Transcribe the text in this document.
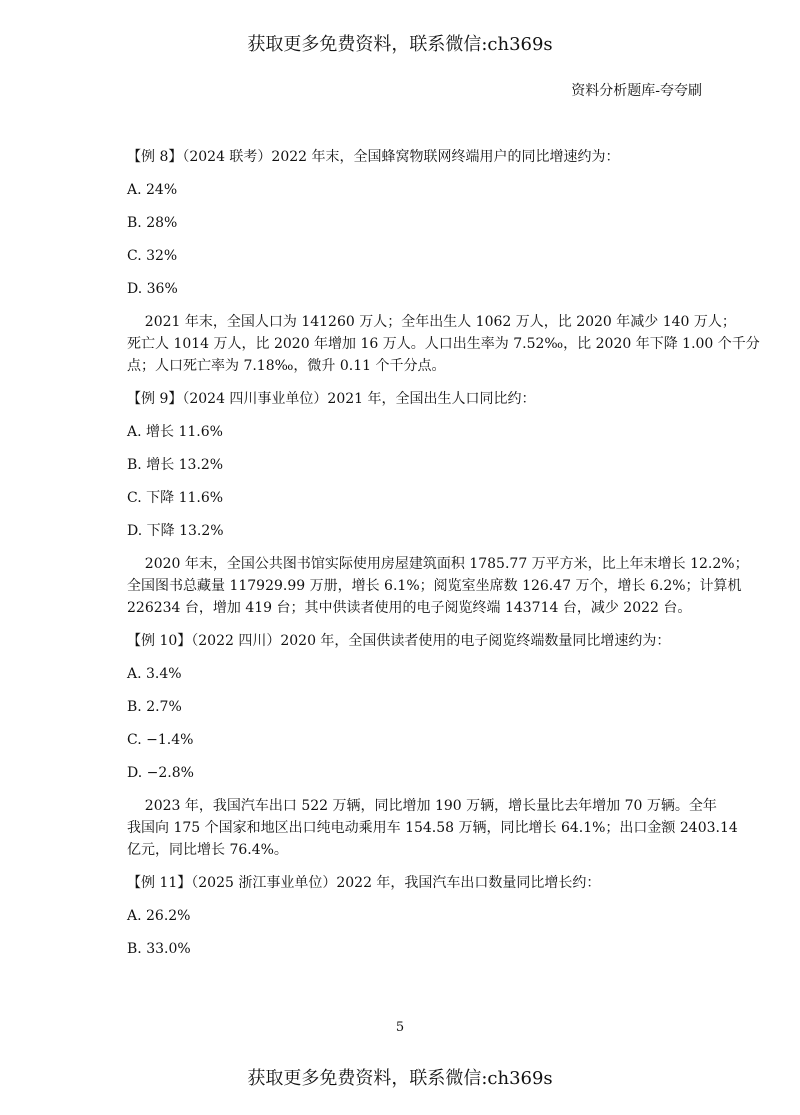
获取更多免费资料，联系微信:ch369s
资料分析题库-夸夸刷
【例 8】（2024 联考）2022 年末，全国蜂窝物联网终端用户的同比增速约为：
A. 24%
B. 28%
C. 32%
D. 36%
2021 年末，全国人口为 141260 万人；全年出生人 1062 万人，比 2020 年减少 140 万人；
死亡人 1014 万人，比 2020 年增加 16 万人。人口出生率为 7.52‰，比 2020 年下降 1.00 个千分
点；人口死亡率为 7.18‰，微升 0.11 个千分点。
【例 9】（2024 四川事业单位）2021 年，全国出生人口同比约：
A. 增长 11.6%
B. 增长 13.2%
C. 下降 11.6%
D. 下降 13.2%
2020 年末，全国公共图书馆实际使用房屋建筑面积 1785.77 万平方米，比上年末增长 12.2%；
全国图书总藏量 117929.99 万册，增长 6.1%；阅览室坐席数 126.47 万个，增长 6.2%；计算机
226234 台，增加 419 台；其中供读者使用的电子阅览终端 143714 台，减少 2022 台。
【例 10】（2022 四川）2020 年，全国供读者使用的电子阅览终端数量同比增速约为：
A. 3.4%
B. 2.7%
C. −1.4%
D. −2.8%
2023 年，我国汽车出口 522 万辆，同比增加 190 万辆，增长量比去年增加 70 万辆。全年
我国向 175 个国家和地区出口纯电动乘用车 154.58 万辆，同比增长 64.1%；出口金额 2403.14
亿元，同比增长 76.4%。
【例 11】（2025 浙江事业单位）2022 年，我国汽车出口数量同比增长约：
A. 26.2%
B. 33.0%
5
获取更多免费资料，联系微信:ch369s
